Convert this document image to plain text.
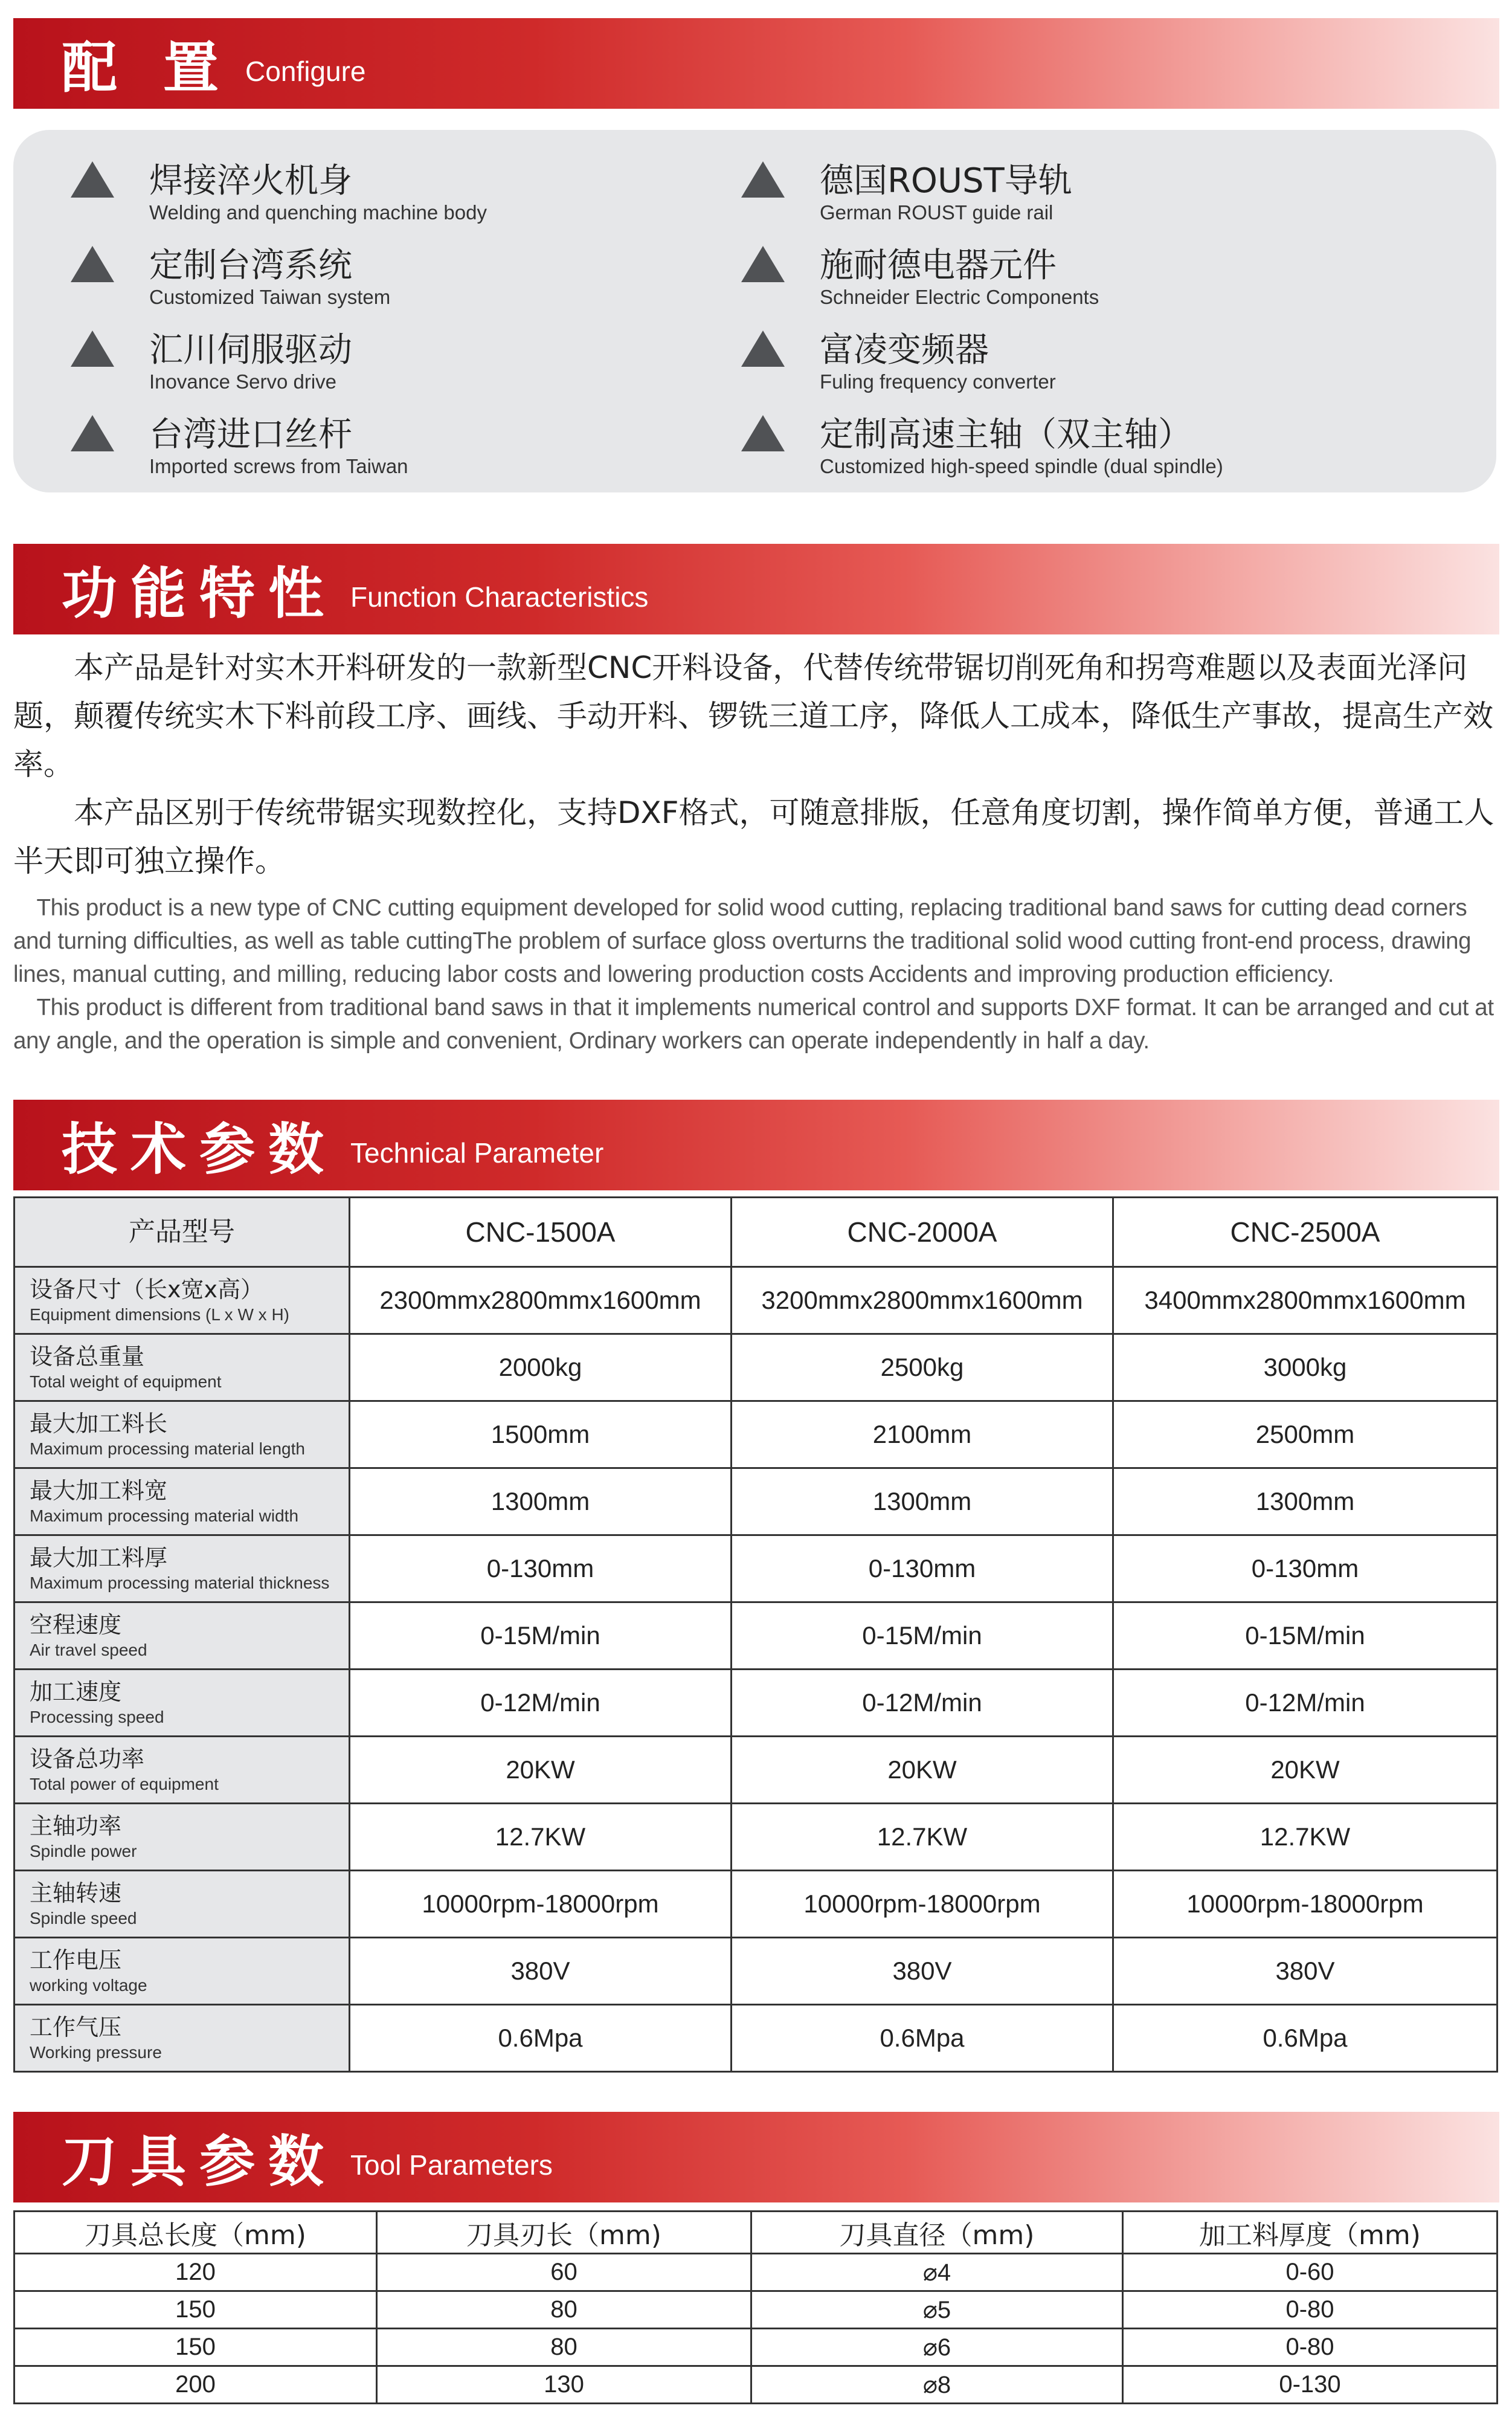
配 置 Configure
焊接淬火机身
Welding and quenching machine body
德国ROUST导轨
German ROUST guide rail
定制台湾系统
Customized Taiwan system
施耐德电器元件
Schneider Electric Components
汇川伺服驱动
Inovance Servo drive
富凌变频器
Fuling frequency converter
台湾进口丝杆
Imported screws from Taiwan
定制高速主轴（双主轴）
Customized high-speed spindle (dual spindle)
功能特性 Function Characteristics

本产品是针对实木开料研发的一款新型CNC开料设备，代替传统带锯切削死角和拐弯难题以及表面光泽问题，颠覆传统实木下料前段工序、画线、手动开料、锣铣三道工序，降低人工成本，降低生产事故，提高生产效率。

本产品区别于传统带锯实现数控化，支持DXF格式，可随意排版，任意角度切割，操作简单方便，普通工人半天即可独立操作。

This product is a new type of CNC cutting equipment developed for solid wood cutting, replacing traditional band saws for cutting dead corners and turning difficulties, as well as table cuttingThe problem of surface gloss overturns the traditional solid wood cutting front-end process, drawing lines, manual cutting, and milling, reducing labor costs and lowering production costs Accidents and improving production efficiency.

This product is different from traditional band saws in that it implements numerical control and supports DXF format. It can be arranged and cut at any angle, and the operation is simple and convenient, Ordinary workers can operate independently in half a day.

技术参数 Technical Parameter
产品型号	CNC-1500A	CNC-2000A	CNC-2500A

设备尺寸（长x宽x高）
Equipment dimensions (L x W x H)	2300mmx2800mmx1600mm	3200mmx2800mmx1600mm	3400mmx2800mmx1600mm

设备总重量
Total weight of equipment	2000kg	2500kg	3000kg

最大加工料长
Maximum processing material length	1500mm	2100mm	2500mm

最大加工料宽
Maximum processing material width	1300mm	1300mm	1300mm

最大加工料厚
Maximum processing material thickness	0-130mm	0-130mm	0-130mm

空程速度
Air travel speed	0-15M/min	0-15M/min	0-15M/min

加工速度
Processing speed	0-12M/min	0-12M/min	0-12M/min

设备总功率
Total power of equipment	20KW	20KW	20KW

主轴功率
Spindle power	12.7KW	12.7KW	12.7KW

主轴转速
Spindle speed	10000rpm-18000rpm	10000rpm-18000rpm	10000rpm-18000rpm

工作电压
working voltage	380V	380V	380V

工作气压
Working pressure	0.6Mpa	0.6Mpa	0.6Mpa
刀具参数 Tool Parameters
刀具总长度（mm)	刀具刃长（mm)	刀具直径（mm)	加工料厚度（mm)
120	60	⌀4	0-60
150	80	⌀5	0-80
150	80	⌀6	0-80
200	130	⌀8	0-130
